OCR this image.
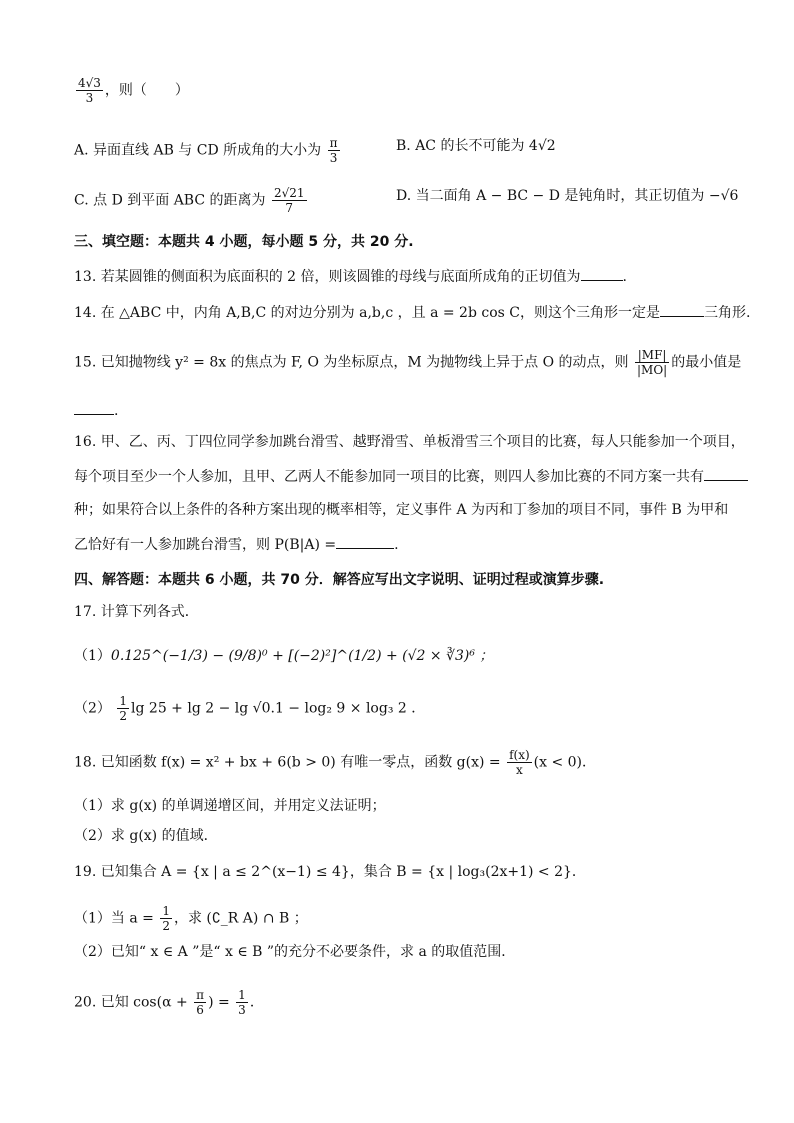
$\frac{4√3}{3}$ ，则（　　）
A. 异面直线 AB 与 CD 所成角的大小为 $\frac{\pi}{3}$	B. AC 的长不可能为 4√2
C. 点 D 到平面 ABC 的距离为 $\frac{2√21}{7}$	D. 当二面角 A − BC − D 是钝角时，其正切值为 −√6
三、填空题：本题共 4 小题，每小题 5 分，共 20 分.
13. 若某圆锥的侧面积为底面积的 2 倍，则该圆锥的母线与底面所成角的正切值为	.
14. 在 △ABC 中，内角 A,B,C 的对边分别为 a,b,c ，且 a = 2b cos C，则这个三角形一定是	三角形.
15. 已知抛物线 y² = 8x 的焦点为 F, O 为坐标原点，M 为抛物线上异于点 O 的动点，则 $\frac{|MF|}{|MO|}$ 的最小值是
.
16. 甲、乙、丙、丁四位同学参加跳台滑雪、越野滑雪、单板滑雪三个项目的比赛，每人只能参加一个项目，
每个项目至少一个人参加，且甲、乙两人不能参加同一项目的比赛，则四人参加比赛的不同方案一共有
种；如果符合以上条件的各种方案出现的概率相等，定义事件 A 为丙和丁参加的项目不同，事件 B 为甲和
乙恰好有一人参加跳台滑雪，则 P(B|A) =	.
四、解答题：本题共 6 小题，共 70 分．解答应写出文字说明、证明过程或演算步骤.
17. 计算下列各式．
（1）0.125^(−1/3) − (9/8)⁰ + [(−2)²]^(1/2) + (√2 × ∛3)⁶ ；
$(2) \frac{1}{2}$ lg 25 + lg 2 − lg √0.1 − log₂ 9 × log₃ 2 ．
18. 已知函数 f(x) = x² + bx + 6(b > 0) 有唯一零点，函数 $g(x) = \frac{f(x)}{x} (x < 0)$．
（1）求 g(x) 的单调递增区间，并用定义法证明；
（2）求 g(x) 的值域．
19. 已知集合 A = {x | a ≤ 2^(x−1) ≤ 4}，集合 B = {x | log₃(2x+1) < 2}．
（1）当 $a = \frac{1}{2}$ ，求 (∁_R A) ∩ B ；
（2）已知“ x ∈ A ”是“ x ∈ B ”的充分不必要条件，求 a 的取值范围．
20. 已知 $\cos(\alpha + \frac{\pi}{6}$ ) = $\frac{1}{3}$ ．
